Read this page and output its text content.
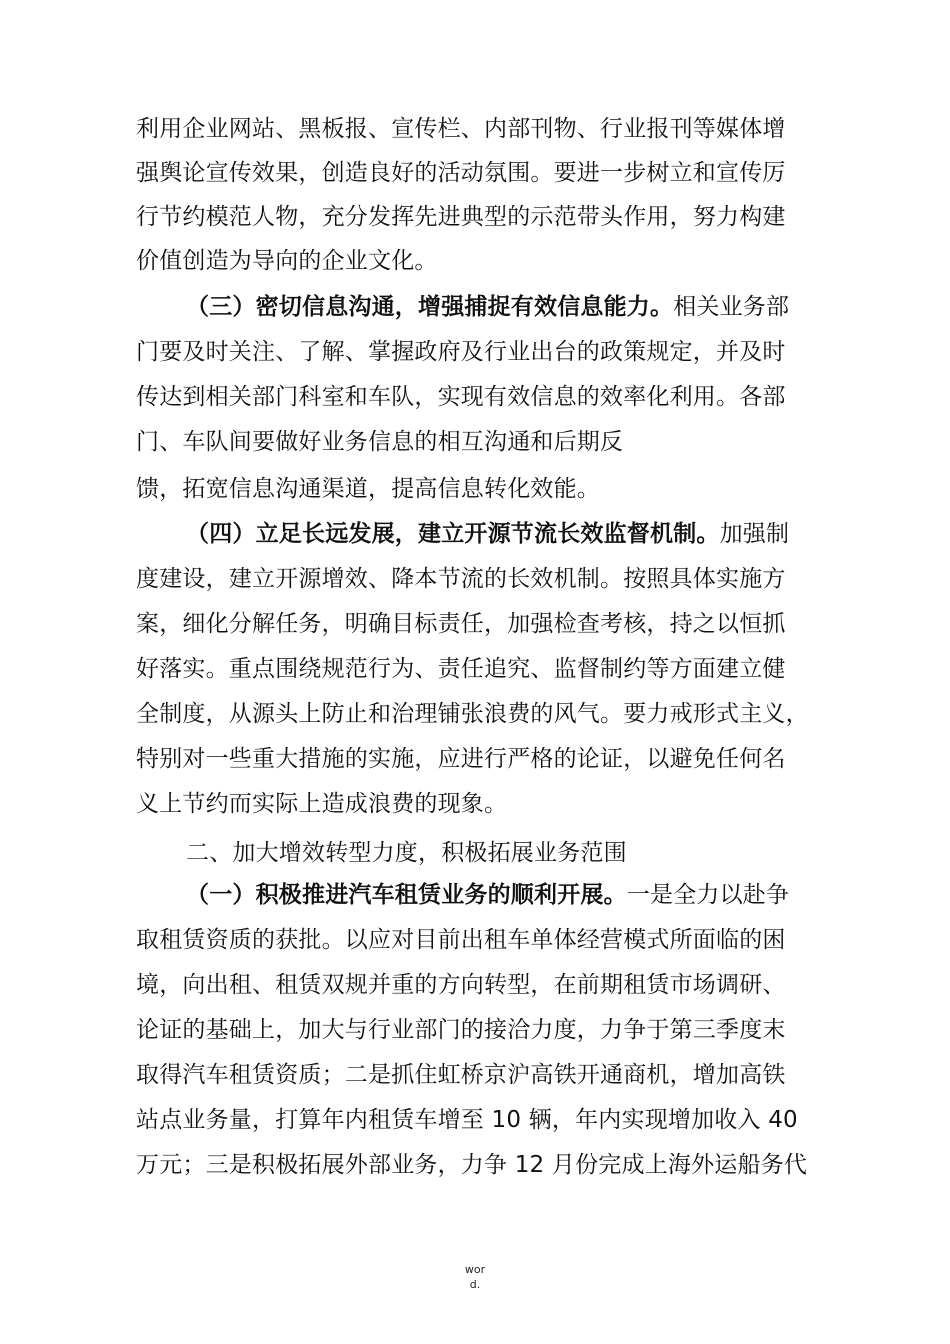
利用企业网站、黑板报、宣传栏、内部刊物、行业报刊等媒体增
强舆论宣传效果，创造良好的活动氛围。要进一步树立和宣传厉
行节约模范人物，充分发挥先进典型的示范带头作用，努力构建
价值创造为导向的企业文化。
（三）密切信息沟通，增强捕捉有效信息能力。相关业务部
门要及时关注、了解、掌握政府及行业出台的政策规定，并及时
传达到相关部门科室和车队，实现有效信息的效率化利用。各部
门、车队间要做好业务信息的相互沟通和后期反
馈，拓宽信息沟通渠道，提高信息转化效能。
（四）立足长远发展，建立开源节流长效监督机制。加强制
度建设，建立开源增效、降本节流的长效机制。按照具体实施方
案，细化分解任务，明确目标责任，加强检查考核，持之以恒抓
好落实。重点围绕规范行为、责任追究、监督制约等方面建立健
全制度，从源头上防止和治理铺张浪费的风气。要力戒形式主义，
特别对一些重大措施的实施，应进行严格的论证，以避免任何名
义上节约而实际上造成浪费的现象。
二、加大增效转型力度，积极拓展业务范围
（一）积极推进汽车租赁业务的顺利开展。一是全力以赴争
取租赁资质的获批。以应对目前出租车单体经营模式所面临的困
境，向出租、租赁双规并重的方向转型，在前期租赁市场调研、
论证的基础上，加大与行业部门的接洽力度，力争于第三季度末
取得汽车租赁资质；二是抓住虹桥京沪高铁开通商机，增加高铁
站点业务量，打算年内租赁车增至 10 辆，年内实现增加收入 40
万元；三是积极拓展外部业务，力争 12 月份完成上海外运船务代
wor
d.
